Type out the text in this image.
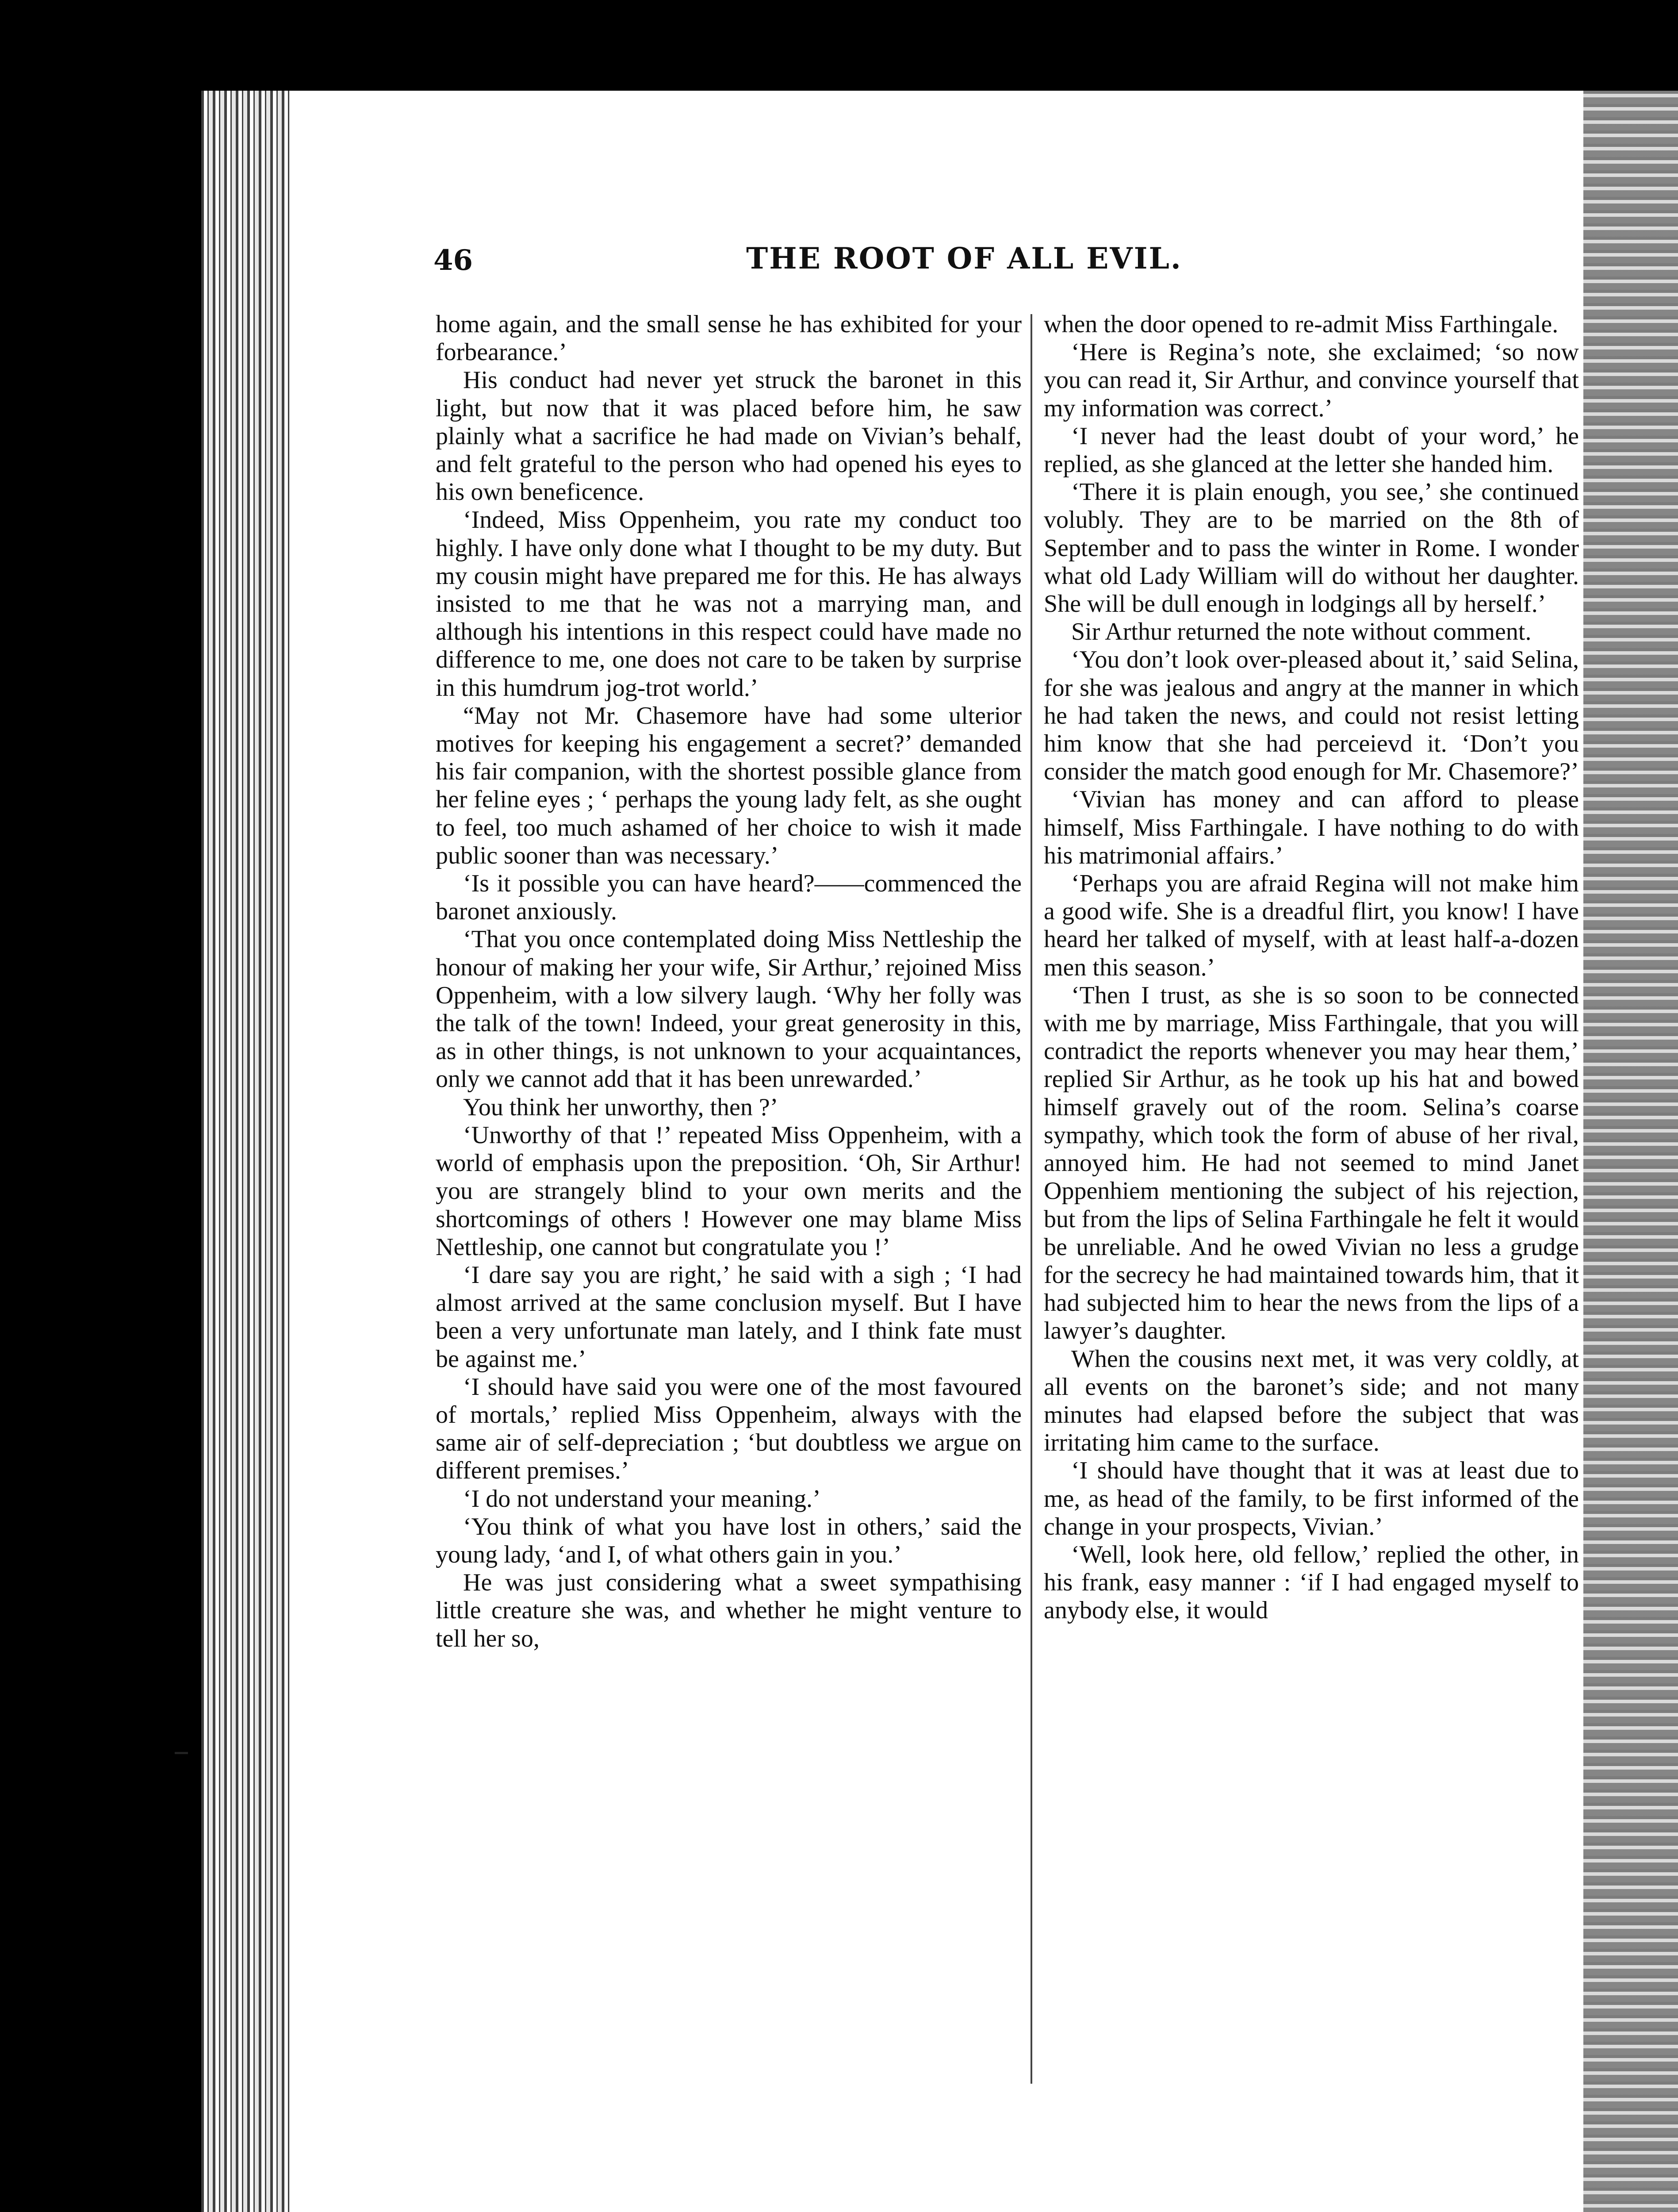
46	THE ROOT OF ALL EVIL.

home again, and the small sense he has exhibited for your forbearance.’

His conduct had never yet struck the baronet in this light, but now that it was placed before him, he saw plainly what a sacrifice he had made on Vivian’s behalf, and felt grateful to the person who had opened his eyes to his own beneficence.

‘Indeed, Miss Oppenheim, you rate my conduct too highly. I have only done what I thought to be my duty. But my cousin might have prepared me for this. He has always insisted to me that he was not a marrying man, and although his intentions in this respect could have made no difference to me, one does not care to be taken by surprise in this humdrum jog-trot world.’

“May not Mr. Chasemore have had some ulterior motives for keeping his engagement a secret?’ demanded his fair companion, with the shortest possible glance from her feline eyes ; ‘ perhaps the young lady felt, as she ought to feel, too much ashamed of her choice to wish it made public sooner than was necessary.’

‘Is it possible you can have heard?——commenced the baronet anxiously.

‘That you once contemplated doing Miss Nettleship the honour of making her your wife, Sir Arthur,’ rejoined Miss Oppenheim, with a low silvery laugh. ‘Why her folly was the talk of the town! Indeed, your great generosity in this, as in other things, is not unknown to your acquaintances, only we cannot add that it has been unrewarded.’

You think her unworthy, then ?’

‘Unworthy of that !’ repeated Miss Oppenheim, with a world of emphasis upon the preposition. ‘Oh, Sir Arthur! you are strangely blind to your own merits and the shortcomings of others ! However one may blame Miss Nettleship, one cannot but congratulate you !’

‘I dare say you are right,’ he said with a sigh ; ‘I had almost arrived at the same conclusion myself. But I have been a very unfortunate man lately, and I think fate must be against me.’

‘I should have said you were one of the most favoured of mortals,’ replied Miss Oppenheim, always with the same air of self-depreciation ; ‘but doubtless we argue on different premises.’

‘I do not understand your meaning.’

‘You think of what you have lost in others,’ said the young lady, ‘and I, of what others gain in you.’

He was just considering what a sweet sympathising little creature she was, and whether he might venture to tell her so,

when the door opened to re-admit Miss Farthingale.

‘Here is Regina’s note, she exclaimed; ‘so now you can read it, Sir Arthur, and convince yourself that my information was correct.’

‘I never had the least doubt of your word,’ he replied, as she glanced at the letter she handed him.

‘There it is plain enough, you see,’ she continued volubly. They are to be married on the 8th of September and to pass the winter in Rome. I wonder what old Lady William will do without her daughter. She will be dull enough in lodgings all by herself.’

Sir Arthur returned the note without comment.

‘You don’t look over-pleased about it,’ said Selina, for she was jealous and angry at the manner in which he had taken the news, and could not resist letting him know that she had perceievd it. ‘Don’t you consider the match good enough for Mr. Chasemore?’

‘Vivian has money and can afford to please himself, Miss Farthingale. I have nothing to do with his matrimonial affairs.’

‘Perhaps you are afraid Regina will not make him a good wife. She is a dreadful flirt, you know! I have heard her talked of myself, with at least half-a-dozen men this season.’

‘Then I trust, as she is so soon to be connected with me by marriage, Miss Farthingale, that you will contradict the reports whenever you may hear them,’ replied Sir Arthur, as he took up his hat and bowed himself gravely out of the room. Selina’s coarse sympathy, which took the form of abuse of her rival, annoyed him. He had not seemed to mind Janet Oppenhiem mentioning the subject of his rejection, but from the lips of Selina Farthingale he felt it would be unreliable. And he owed Vivian no less a grudge for the secrecy he had maintained towards him, that it had subjected him to hear the news from the lips of a lawyer’s daughter.

When the cousins next met, it was very coldly, at all events on the baronet’s side; and not many minutes had elapsed before the subject that was irritating him came to the surface.

‘I should have thought that it was at least due to me, as head of the family, to be first informed of the change in your prospects, Vivian.’

‘Well, look here, old fellow,’ replied the other, in his frank, easy manner : ‘if I had engaged myself to anybody else, it would
